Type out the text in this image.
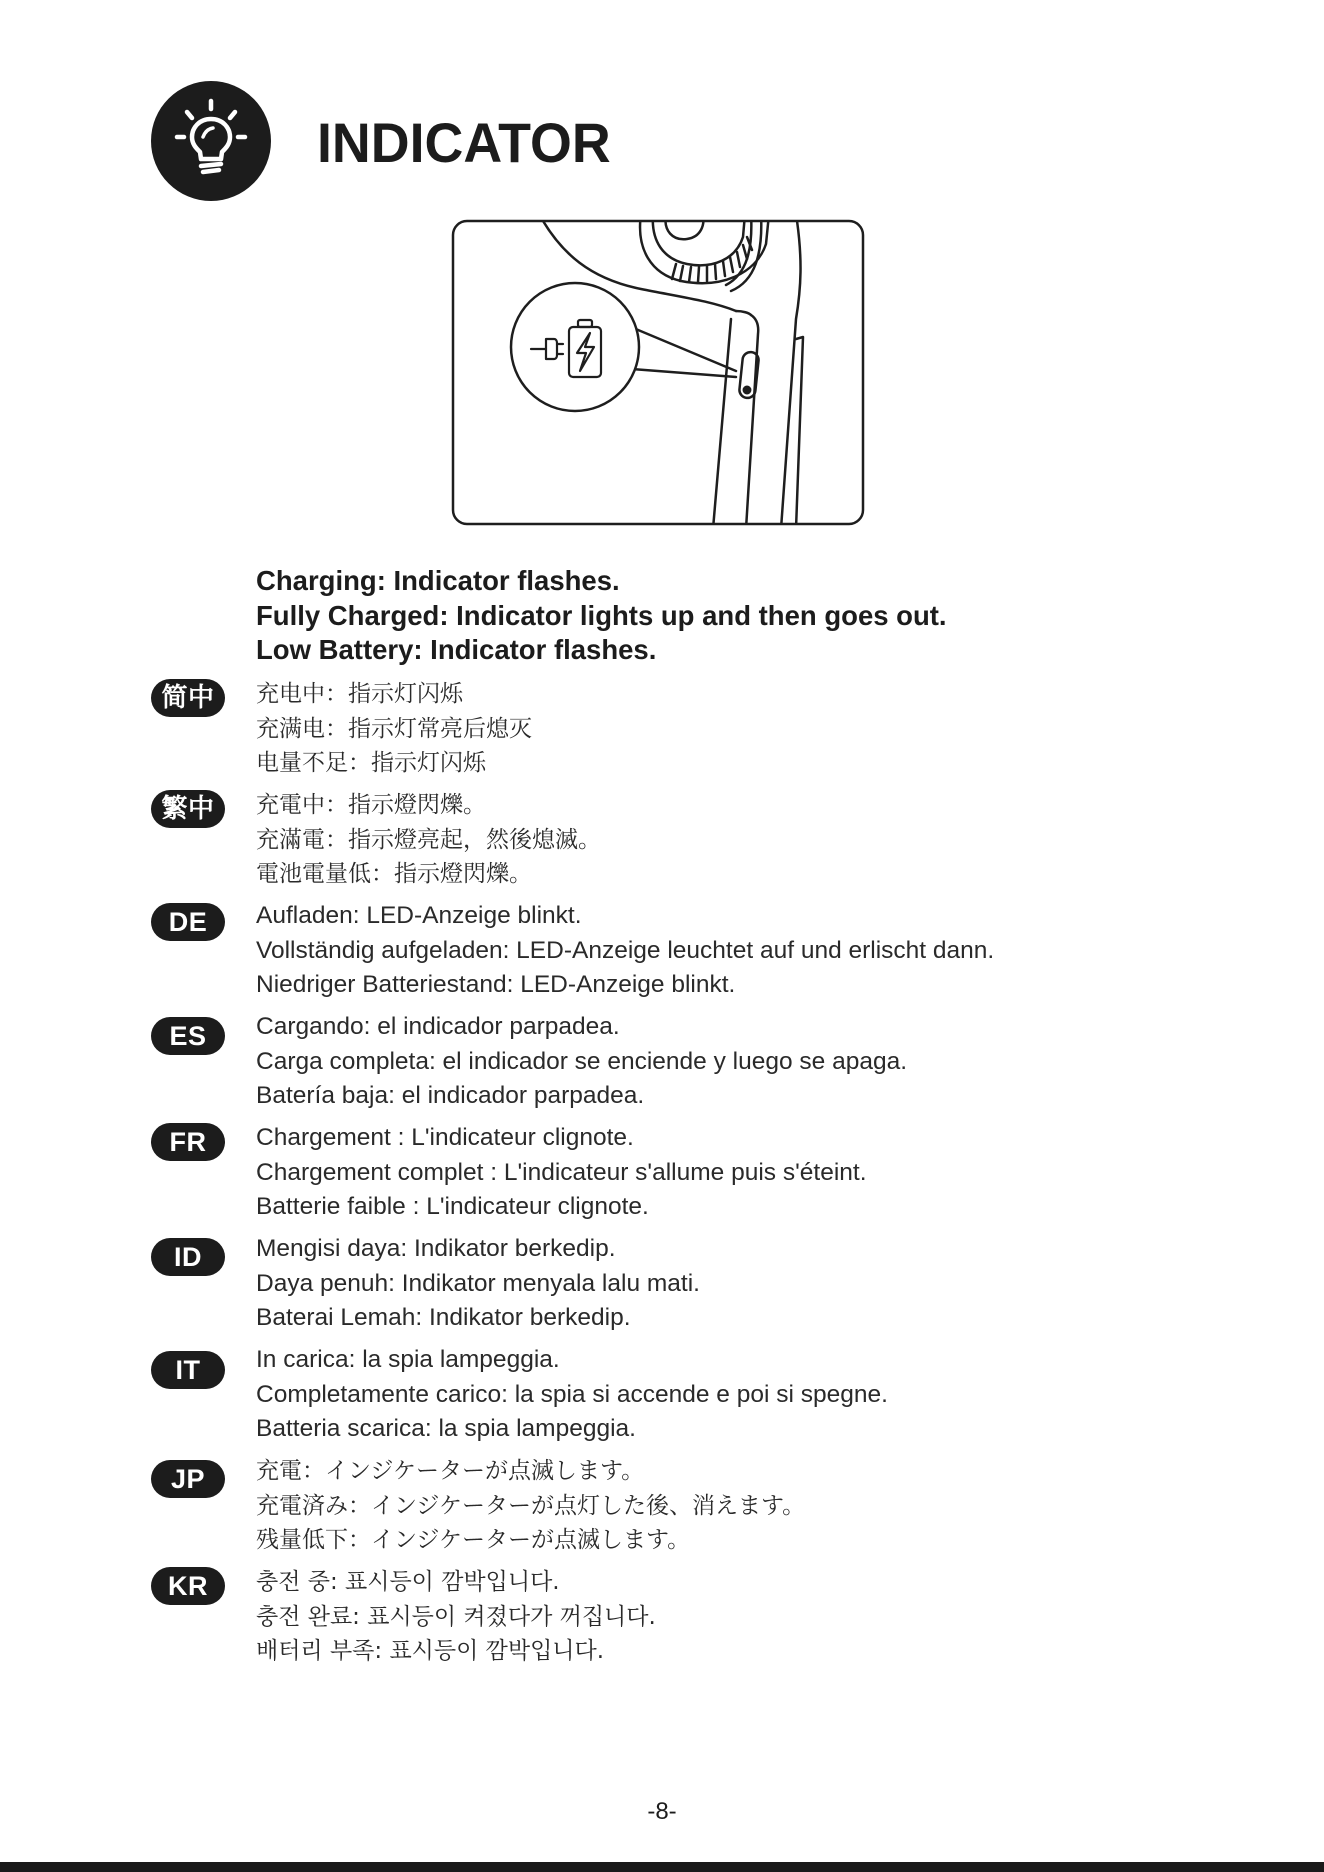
INDICATOR
Charging: Indicator flashes.
Fully Charged: Indicator lights up and then goes out.
Low Battery: Indicator flashes.
简中	充电中：指示灯闪烁
充满电：指示灯常亮后熄灭
电量不足：指示灯闪烁
繁中	充電中：指示燈閃爍。
充滿電：指示燈亮起，然後熄滅。
電池電量低：指示燈閃爍。
DE	Aufladen: LED-Anzeige blinkt.
Vollständig aufgeladen: LED-Anzeige leuchtet auf und erlischt dann.
Niedriger Batteriestand: LED-Anzeige blinkt.
ES	Cargando: el indicador parpadea.
Carga completa: el indicador se enciende y luego se apaga.
Batería baja: el indicador parpadea.
FR	Chargement : L'indicateur clignote.
Chargement complet : L'indicateur s'allume puis s'éteint.
Batterie faible : L'indicateur clignote.
ID	Mengisi daya: Indikator berkedip.
Daya penuh: Indikator menyala lalu mati.
Baterai Lemah: Indikator berkedip.
IT	In carica: la spia lampeggia.
Completamente carico: la spia si accende e poi si spegne.
Batteria scarica: la spia lampeggia.
JP	充電：インジケーターが点滅します。
充電済み：インジケーターが点灯した後、消えます。
残量低下：インジケーターが点滅します。
KR	충전 중: 표시등이 깜박입니다.
충전 완료: 표시등이 켜졌다가 꺼집니다.
배터리 부족: 표시등이 깜박입니다.
-8-
